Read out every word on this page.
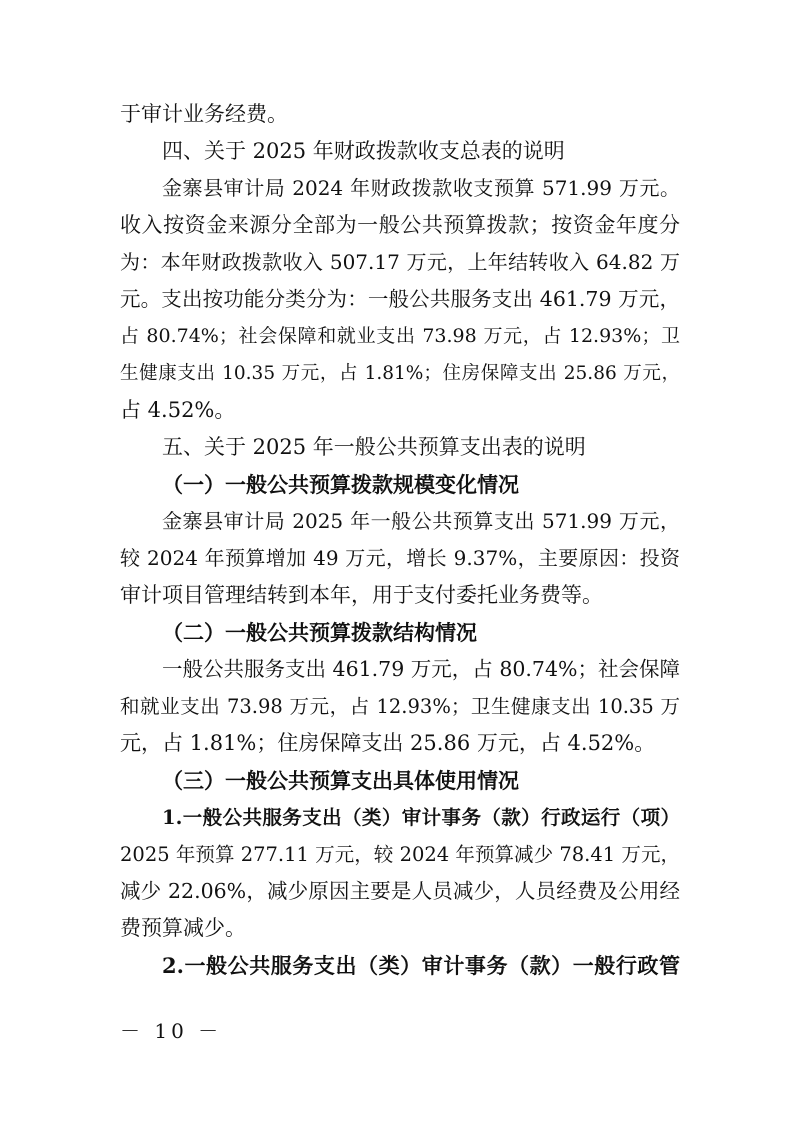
于审计业务经费。
四、关于 2025 年财政拨款收支总表的说明
金寨县审计局 2024 年财政拨款收支预算 571.99 万元。
收入按资金来源分全部为一般公共预算拨款；按资金年度分
为：本年财政拨款收入 507.17 万元，上年结转收入 64.82 万
元。支出按功能分类分为：一般公共服务支出 461.79 万元，
占 80.74%；社会保障和就业支出 73.98 万元，占 12.93%；卫
生健康支出 10.35 万元，占 1.81%；住房保障支出 25.86 万元，
占 4.52%。
五、关于 2025 年一般公共预算支出表的说明
（一）一般公共预算拨款规模变化情况
金寨县审计局 2025 年一般公共预算支出 571.99 万元，
较 2024 年预算增加 49 万元，增长 9.37%，主要原因：投资
审计项目管理结转到本年，用于支付委托业务费等。
（二）一般公共预算拨款结构情况
一般公共服务支出 461.79 万元，占 80.74%；社会保障
和就业支出 73.98 万元，占 12.93%；卫生健康支出 10.35 万
元，占 1.81%；住房保障支出 25.86 万元，占 4.52%。
（三）一般公共预算支出具体使用情况
1.一般公共服务支出（类）审计事务（款）行政运行（项）
2025 年预算 277.11 万元，较 2024 年预算减少 78.41 万元，
减少 22.06%，减少原因主要是人员减少，人员经费及公用经
费预算减少。
2.一般公共服务支出（类）审计事务（款）一般行政管
－ 10 －
